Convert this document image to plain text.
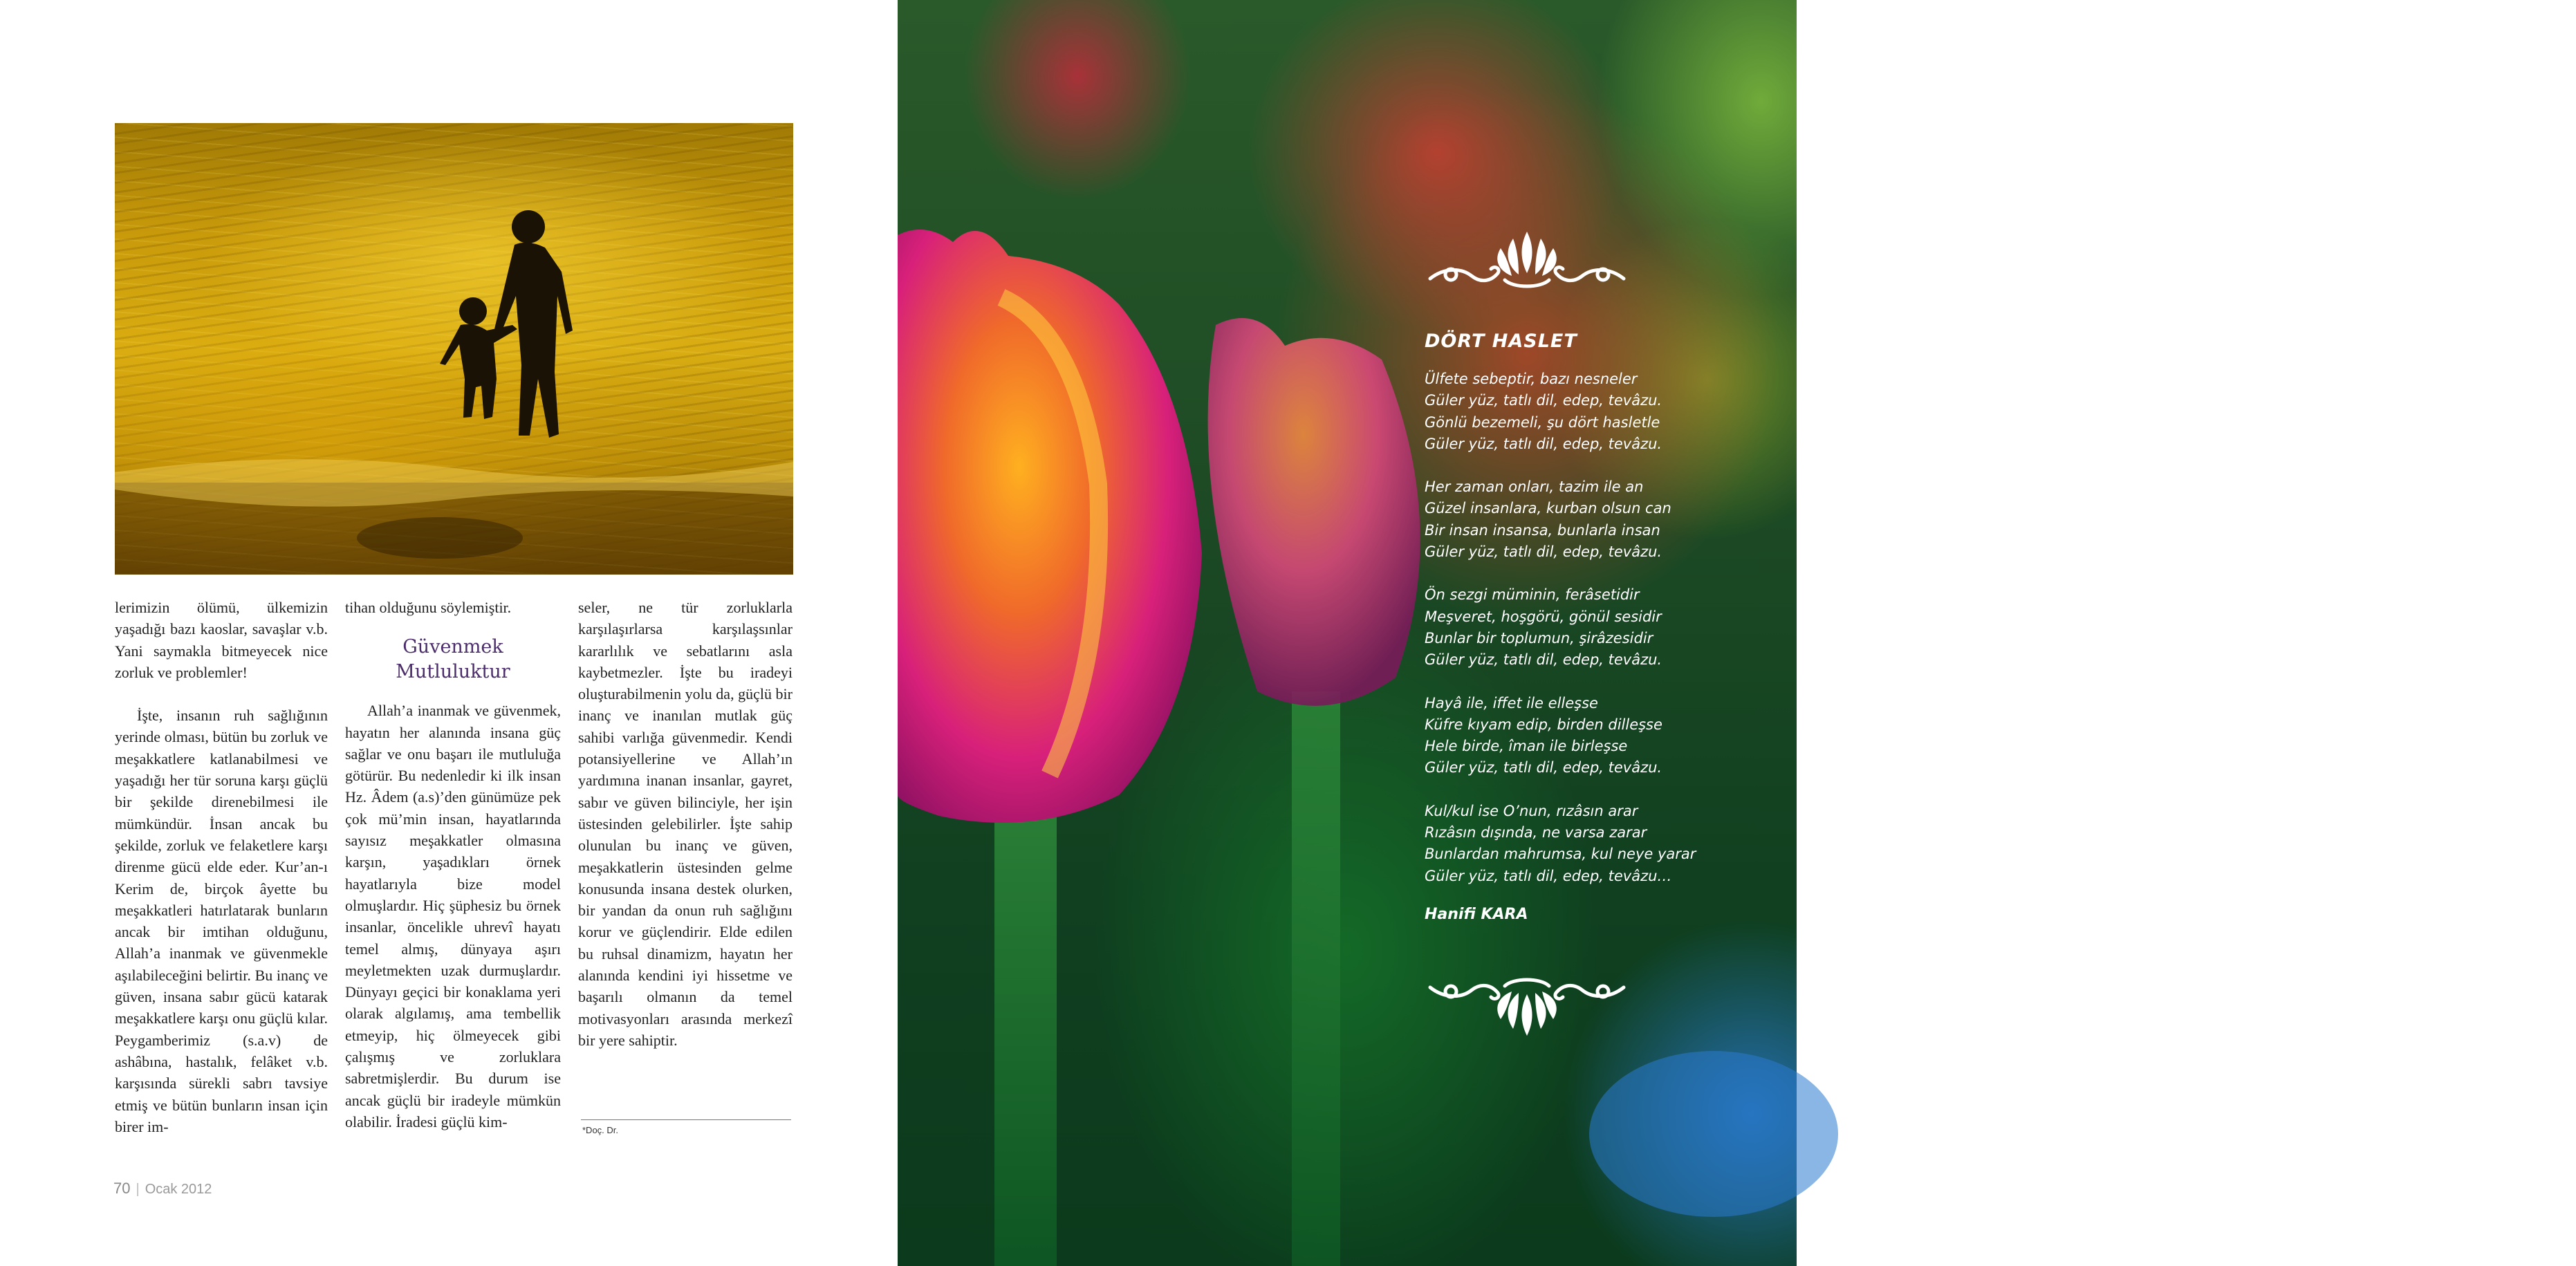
lerimizin ölümü, ülkemizin yaşadığı bazı kaoslar, savaşlar v.b. Yani saymakla bitmeyecek nice zorluk ve problemler!

İşte, insanın ruh sağlığının yerinde olması, bütün bu zorluk ve meşakkatlere katlanabilmesi ve yaşadığı her tür soruna karşı güçlü bir şekilde direnebilmesi ile mümkündür. İnsan ancak bu şekilde, zorluk ve felaketlere karşı direnme gücü elde eder. Kur’an-ı Kerim de, birçok âyette bu meşakkatleri hatırlatarak bunların ancak bir imtihan olduğunu, Allah’a inanmak ve güvenmekle aşılabileceğini belirtir. Bu inanç ve güven, insana sabır gücü katarak meşakkatlere karşı onu güçlü kılar. Peygamberimiz (s.a.v) de ashâbına, hastalık, felâket v.b. karşısında sürekli sabrı tavsiye etmiş ve bütün bunların insan için birer im-

tihan olduğunu söylemiştir.

Güvenmek Mutluluktur

Allah’a inanmak ve güvenmek, hayatın her alanında insana güç sağlar ve onu başarı ile mutluluğa götürür. Bu nedenledir ki ilk insan Hz. Âdem (a.s)’den günümüze pek çok mü’min insan, hayatlarında sayısız meşakkatler olmasına karşın, yaşadıkları örnek hayatlarıyla bize model olmuşlardır. Hiç şüphesiz bu örnek insanlar, öncelikle uhrevî hayatı temel almış, dünyaya aşırı meyletmekten uzak durmuşlardır. Dünyayı geçici bir konaklama yeri olarak algılamış, ama tembellik etmeyip, hiç ölmeyecek gibi çalışmış ve zorluklara sabretmişlerdir. Bu durum ise ancak güçlü bir iradeyle mümkün olabilir. İradesi güçlü kim-

seler, ne tür zorluklarla karşılaşırlarsa karşılaşsınlar kararlılık ve sebatlarını asla kaybetmezler. İşte bu iradeyi oluşturabilmenin yolu da, güçlü bir inanç ve inanılan mutlak güç sahibi varlığa güvenmedir. Kendi potansiyellerine ve Allah’ın yardımına inanan insanlar, gayret, sabır ve güven bilinciyle, her işin üstesinden gelebilirler. İşte sahip olunulan bu inanç ve güven, meşakkatlerin üstesinden gelme konusunda insana destek olurken, bir yandan da onun ruh sağlığını korur ve güçlendirir. Elde edilen bu ruhsal dinamizm, hayatın her alanında kendini iyi hissetme ve başarılı olmanın da temel motivasyonları arasında merkezî bir yere sahiptir.

*Doç. Dr.
70 | Ocak 2012
DÖRT HASLET
Ülfete sebeptir, bazı nesneler
Güler yüz, tatlı dil, edep, tevâzu.
Gönlü bezemeli, şu dört hasletle
Güler yüz, tatlı dil, edep, tevâzu.
Her zaman onları, tazim ile an
Güzel insanlara, kurban olsun can
Bir insan insansa, bunlarla insan
Güler yüz, tatlı dil, edep, tevâzu.
Ön sezgi müminin, ferâsetidir
Meşveret, hoşgörü, gönül sesidir
Bunlar bir toplumun, şirâzesidir
Güler yüz, tatlı dil, edep, tevâzu.
Hayâ ile, iffet ile elleşse
Küfre kıyam edip, birden dilleşse
Hele birde, îman ile birleşse
Güler yüz, tatlı dil, edep, tevâzu.
Kul/kul ise O’nun, rızâsın arar
Rızâsın dışında, ne varsa zarar
Bunlardan mahrumsa, kul neye yarar
Güler yüz, tatlı dil, edep, tevâzu…
Hanifi KARA
SomuncuBaba | 71
